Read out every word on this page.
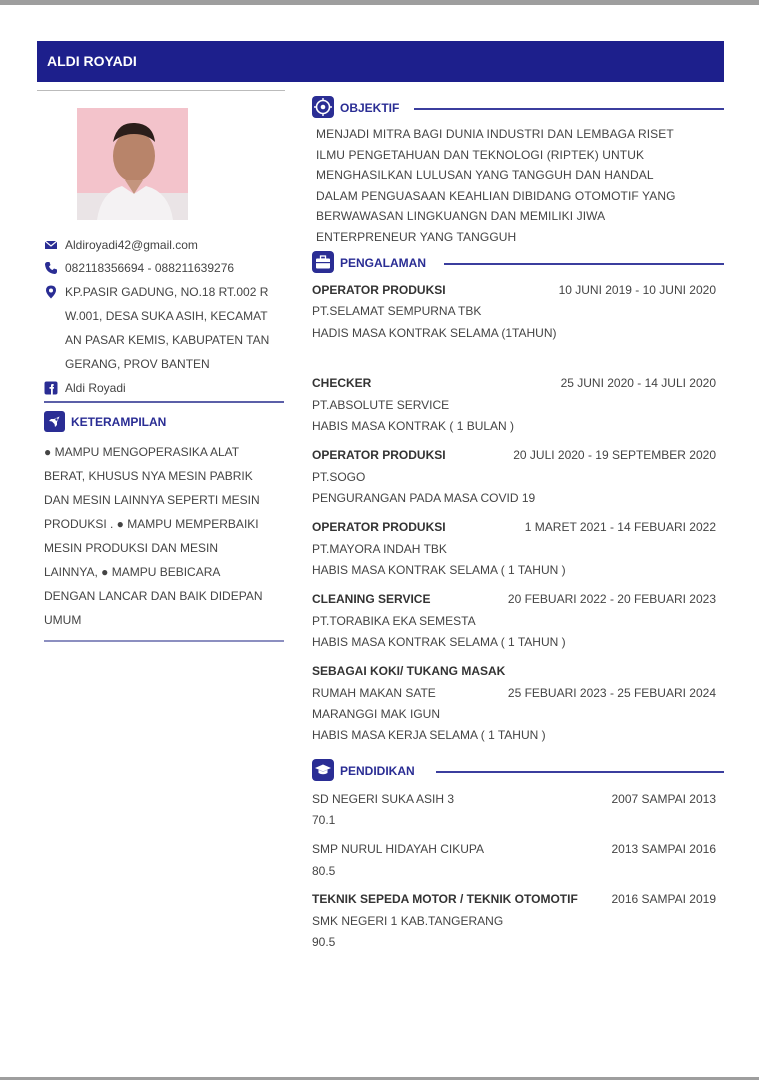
ALDI ROYADI
Aldiroyadi42@gmail.com
082118356694 - 088211639276
KP.PASIR GADUNG, NO.18 RT.002 R
W.001, DESA SUKA ASIH, KECAMAT
AN PASAR KEMIS, KABUPATEN TAN
GERANG, PROV BANTEN
Aldi Royadi
KETERAMPILAN
● MAMPU MENGOPERASIKA ALAT
BERAT, KHUSUS NYA MESIN PABRIK
DAN MESIN LAINNYA SEPERTI MESIN
PRODUKSI . ● MAMPU MEMPERBAIKI
MESIN PRODUKSI DAN MESIN
LAINNYA, ● MAMPU BEBICARA
DENGAN LANCAR DAN BAIK DIDEPAN
UMUM
OBJEKTIF
MENJADI MITRA BAGI DUNIA INDUSTRI DAN LEMBAGA RISET
ILMU PENGETAHUAN DAN TEKNOLOGI (RIPTEK) UNTUK
MENGHASILKAN LULUSAN YANG TANGGUH DAN HANDAL
DALAM PENGUASAAN KEAHLIAN DIBIDANG OTOMOTIF YANG
BERWAWASAN LINGKUANGN DAN MEMILIKI JIWA
ENTERPRENEUR YANG TANGGUH
PENGALAMAN
OPERATOR PRODUKSI	10 JUNI 2019 - 10 JUNI 2020
PT.SELAMAT SEMPURNA TBK
HADIS MASA KONTRAK SELAMA (1TAHUN)
CHECKER	25 JUNI 2020 - 14 JULI 2020
PT.ABSOLUTE SERVICE
HABIS MASA KONTRAK ( 1 BULAN )
OPERATOR PRODUKSI	20 JULI 2020 - 19 SEPTEMBER 2020
PT.SOGO
PENGURANGAN PADA MASA COVID 19
OPERATOR PRODUKSI	1 MARET 2021 - 14 FEBUARI 2022
PT.MAYORA INDAH TBK
HABIS MASA KONTRAK SELAMA ( 1 TAHUN )
CLEANING SERVICE	20 FEBUARI 2022 - 20 FEBUARI 2023
PT.TORABIKA EKA SEMESTA
HABIS MASA KONTRAK SELAMA ( 1 TAHUN )
SEBAGAI KOKI/ TUKANG MASAK
RUMAH MAKAN SATE	25 FEBUARI 2023 - 25 FEBUARI 2024
MARANGGI MAK IGUN
HABIS MASA KERJA SELAMA ( 1 TAHUN )
PENDIDIKAN
SD NEGERI SUKA ASIH 3	2007 SAMPAI 2013
70.1
SMP NURUL HIDAYAH CIKUPA	2013 SAMPAI 2016
80.5
TEKNIK SEPEDA MOTOR / TEKNIK OTOMOTIF	2016 SAMPAI 2019
SMK NEGERI 1 KAB.TANGERANG
90.5
